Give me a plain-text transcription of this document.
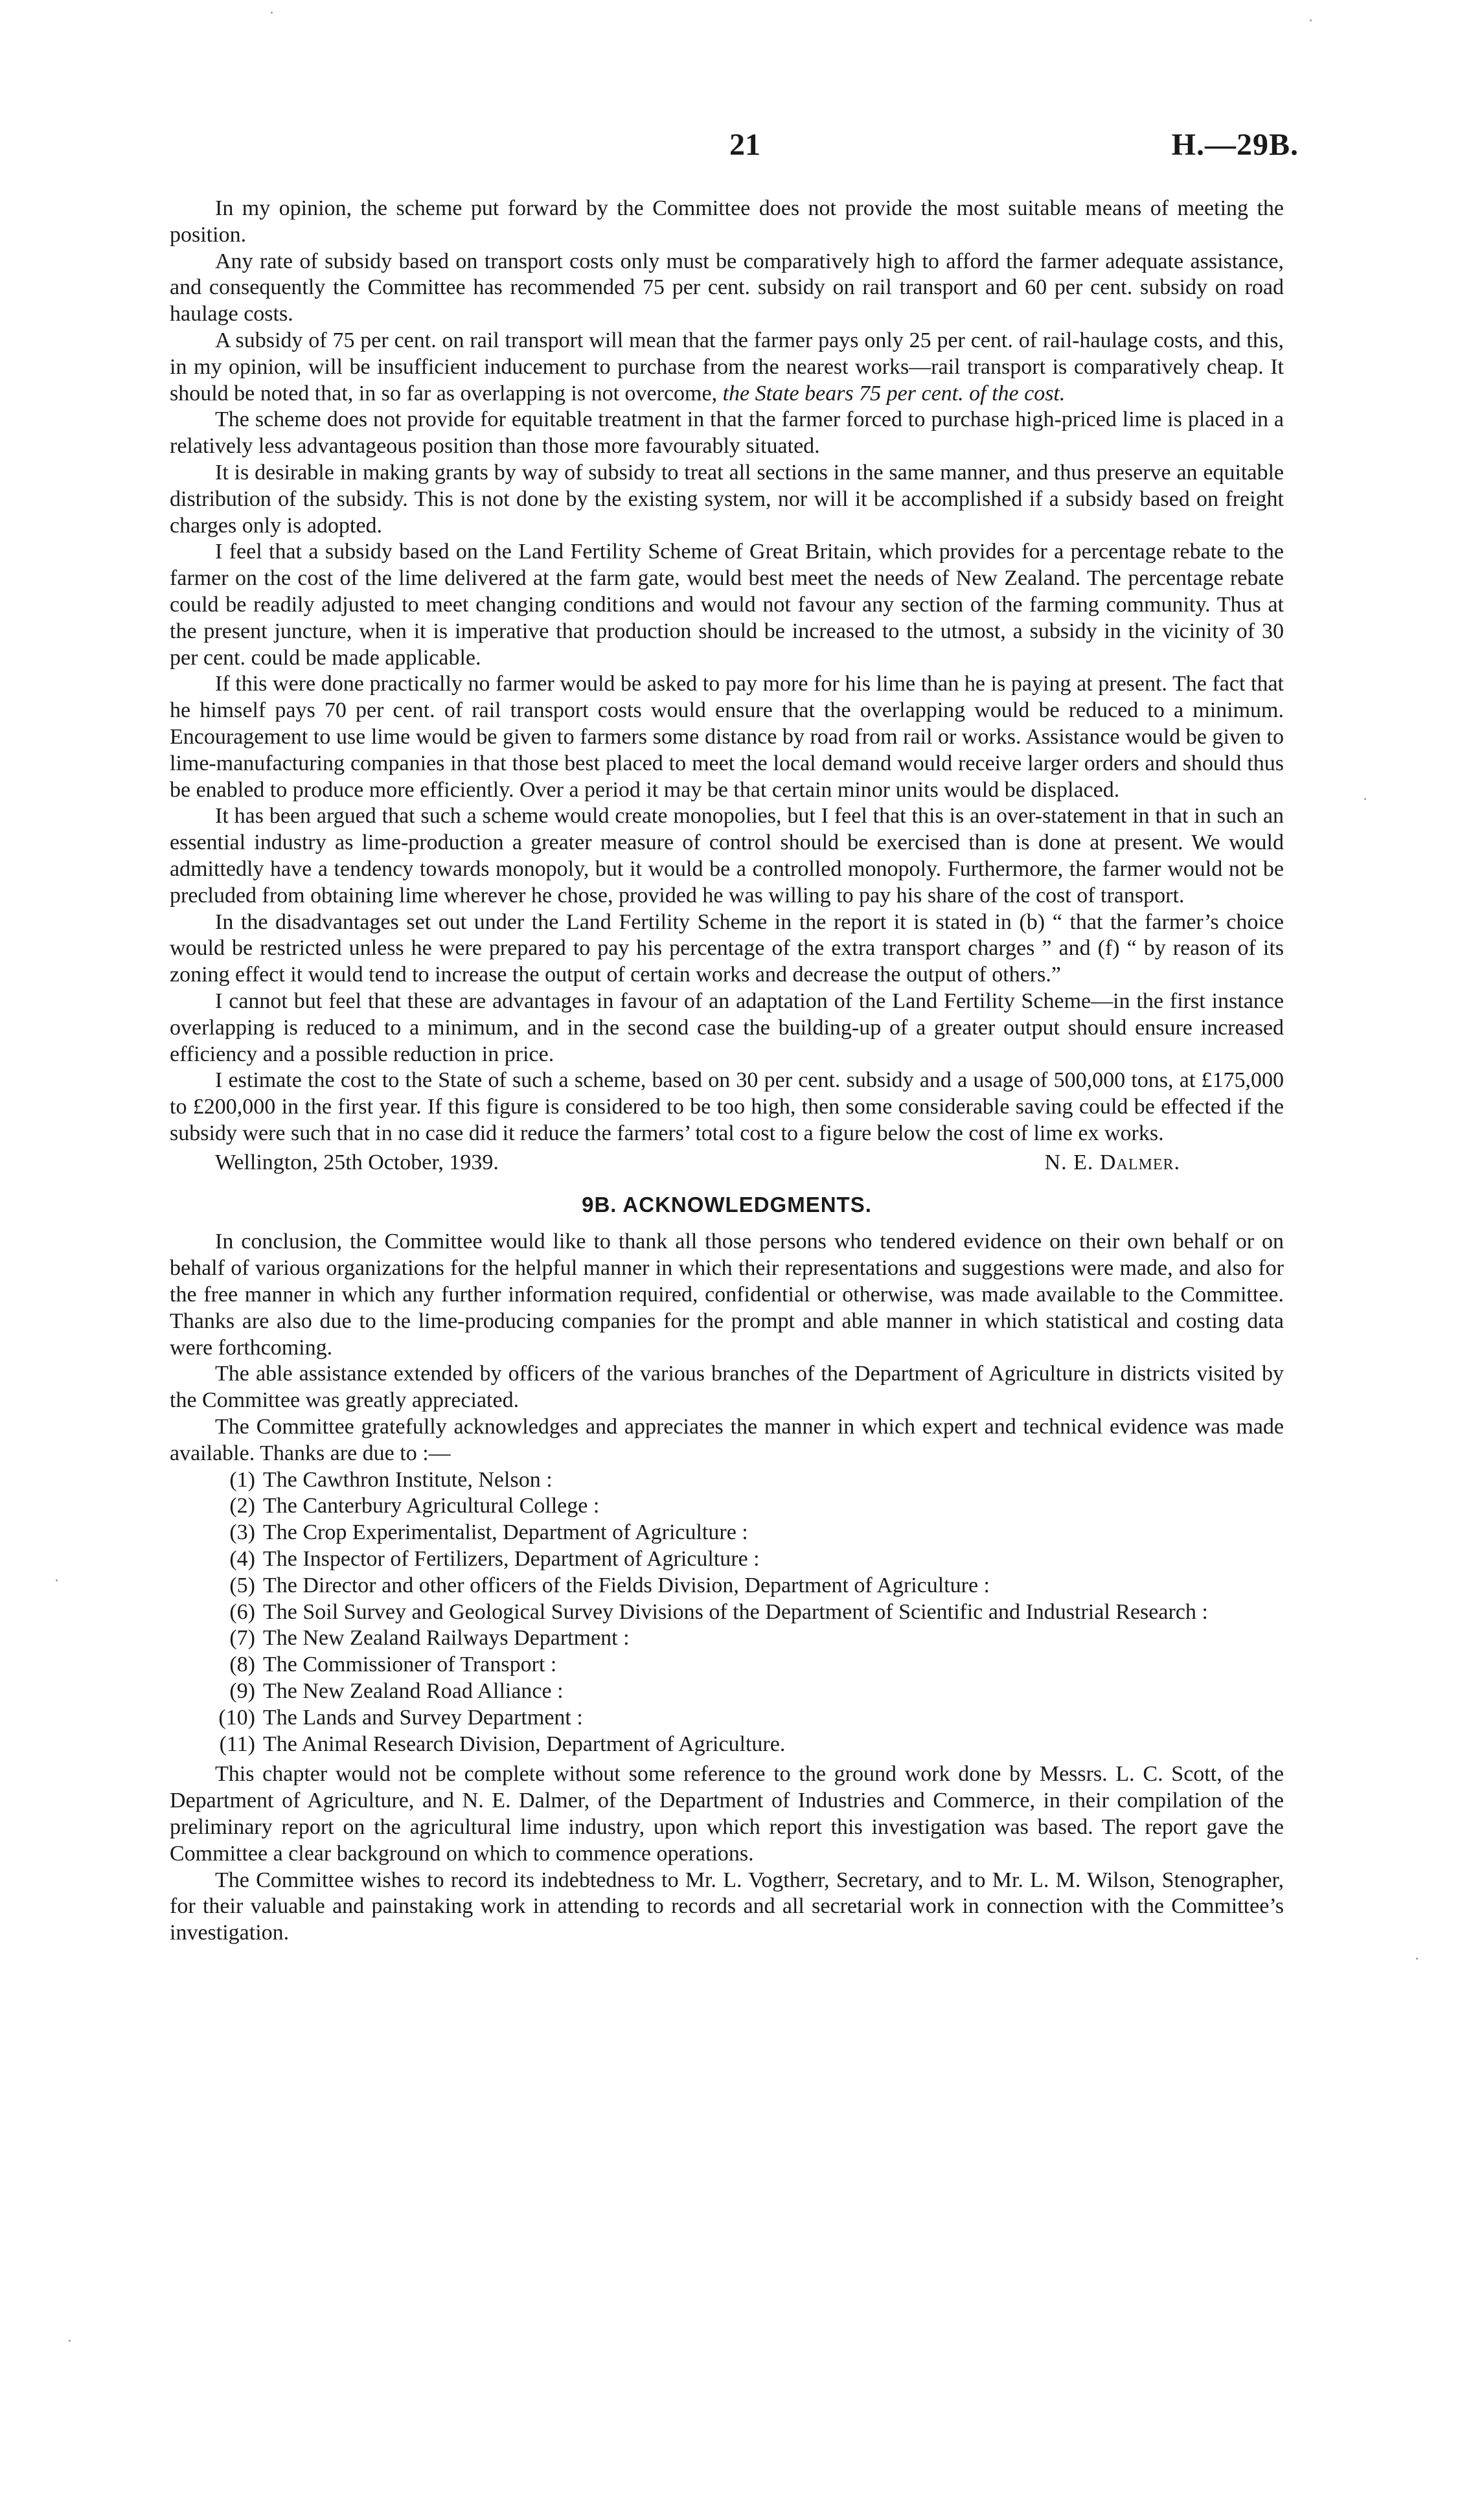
21	H.—29B.

In my opinion, the scheme put forward by the Committee does not provide the most suitable means of meeting the position.

Any rate of subsidy based on transport costs only must be comparatively high to afford the farmer adequate assistance, and consequently the Committee has recommended 75 per cent. subsidy on rail transport and 60 per cent. subsidy on road haulage costs.

A subsidy of 75 per cent. on rail transport will mean that the farmer pays only 25 per cent. of rail-haulage costs, and this, in my opinion, will be insufficient inducement to purchase from the nearest works—rail transport is comparatively cheap. It should be noted that, in so far as overlapping is not overcome, the State bears 75 per cent. of the cost.

The scheme does not provide for equitable treatment in that the farmer forced to purchase high-priced lime is placed in a relatively less advantageous position than those more favourably situated.

It is desirable in making grants by way of subsidy to treat all sections in the same manner, and thus preserve an equitable distribution of the subsidy. This is not done by the existing system, nor will it be accomplished if a subsidy based on freight charges only is adopted.

I feel that a subsidy based on the Land Fertility Scheme of Great Britain, which provides for a percentage rebate to the farmer on the cost of the lime delivered at the farm gate, would best meet the needs of New Zealand. The percentage rebate could be readily adjusted to meet changing conditions and would not favour any section of the farming community. Thus at the present juncture, when it is imperative that production should be increased to the utmost, a subsidy in the vicinity of 30 per cent. could be made applicable.

If this were done practically no farmer would be asked to pay more for his lime than he is paying at present. The fact that he himself pays 70 per cent. of rail transport costs would ensure that the overlapping would be reduced to a minimum. Encouragement to use lime would be given to farmers some distance by road from rail or works. Assistance would be given to lime-manufacturing companies in that those best placed to meet the local demand would receive larger orders and should thus be enabled to produce more efficiently. Over a period it may be that certain minor units would be displaced.

It has been argued that such a scheme would create monopolies, but I feel that this is an over-statement in that in such an essential industry as lime-production a greater measure of control should be exercised than is done at present. We would admittedly have a tendency towards monopoly, but it would be a controlled monopoly. Furthermore, the farmer would not be precluded from obtaining lime wherever he chose, provided he was willing to pay his share of the cost of transport.

In the disadvantages set out under the Land Fertility Scheme in the report it is stated in (b) “ that the farmer’s choice would be restricted unless he were prepared to pay his percentage of the extra transport charges ” and (f) “ by reason of its zoning effect it would tend to increase the output of certain works and decrease the output of others.”

I cannot but feel that these are advantages in favour of an adaptation of the Land Fertility Scheme—in the first instance overlapping is reduced to a minimum, and in the second case the building-up of a greater output should ensure increased efficiency and a possible reduction in price.

I estimate the cost to the State of such a scheme, based on 30 per cent. subsidy and a usage of 500,000 tons, at £175,000 to £200,000 in the first year. If this figure is considered to be too high, then some considerable saving could be effected if the subsidy were such that in no case did it reduce the farmers’ total cost to a figure below the cost of lime ex works.

Wellington, 25th October, 1939.	N. E. Dalmer.
9B. ACKNOWLEDGMENTS.

In conclusion, the Committee would like to thank all those persons who tendered evidence on their own behalf or on behalf of various organizations for the helpful manner in which their representations and suggestions were made, and also for the free manner in which any further information required, confidential or otherwise, was made available to the Committee. Thanks are also due to the lime-producing companies for the prompt and able manner in which statistical and costing data were forthcoming.

The able assistance extended by officers of the various branches of the Department of Agriculture in districts visited by the Committee was greatly appreciated.

The Committee gratefully acknowledges and appreciates the manner in which expert and technical evidence was made available. Thanks are due to :—

(1) The Cawthron Institute, Nelson :
(2) The Canterbury Agricultural College :
(3) The Crop Experimentalist, Department of Agriculture :
(4) The Inspector of Fertilizers, Department of Agriculture :
(5) The Director and other officers of the Fields Division, Department of Agriculture :
(6) The Soil Survey and Geological Survey Divisions of the Department of Scientific and Industrial Research :
(7) The New Zealand Railways Department :
(8) The Commissioner of Transport :
(9) The New Zealand Road Alliance :
(10) The Lands and Survey Department :
(11) The Animal Research Division, Department of Agriculture.

This chapter would not be complete without some reference to the ground work done by Messrs. L. C. Scott, of the Department of Agriculture, and N. E. Dalmer, of the Department of Industries and Commerce, in their compilation of the preliminary report on the agricultural lime industry, upon which report this investigation was based. The report gave the Committee a clear background on which to commence operations.

The Committee wishes to record its indebtedness to Mr. L. Vogtherr, Secretary, and to Mr. L. M. Wilson, Stenographer, for their valuable and painstaking work in attending to records and all secretarial work in connection with the Committee’s investigation.
